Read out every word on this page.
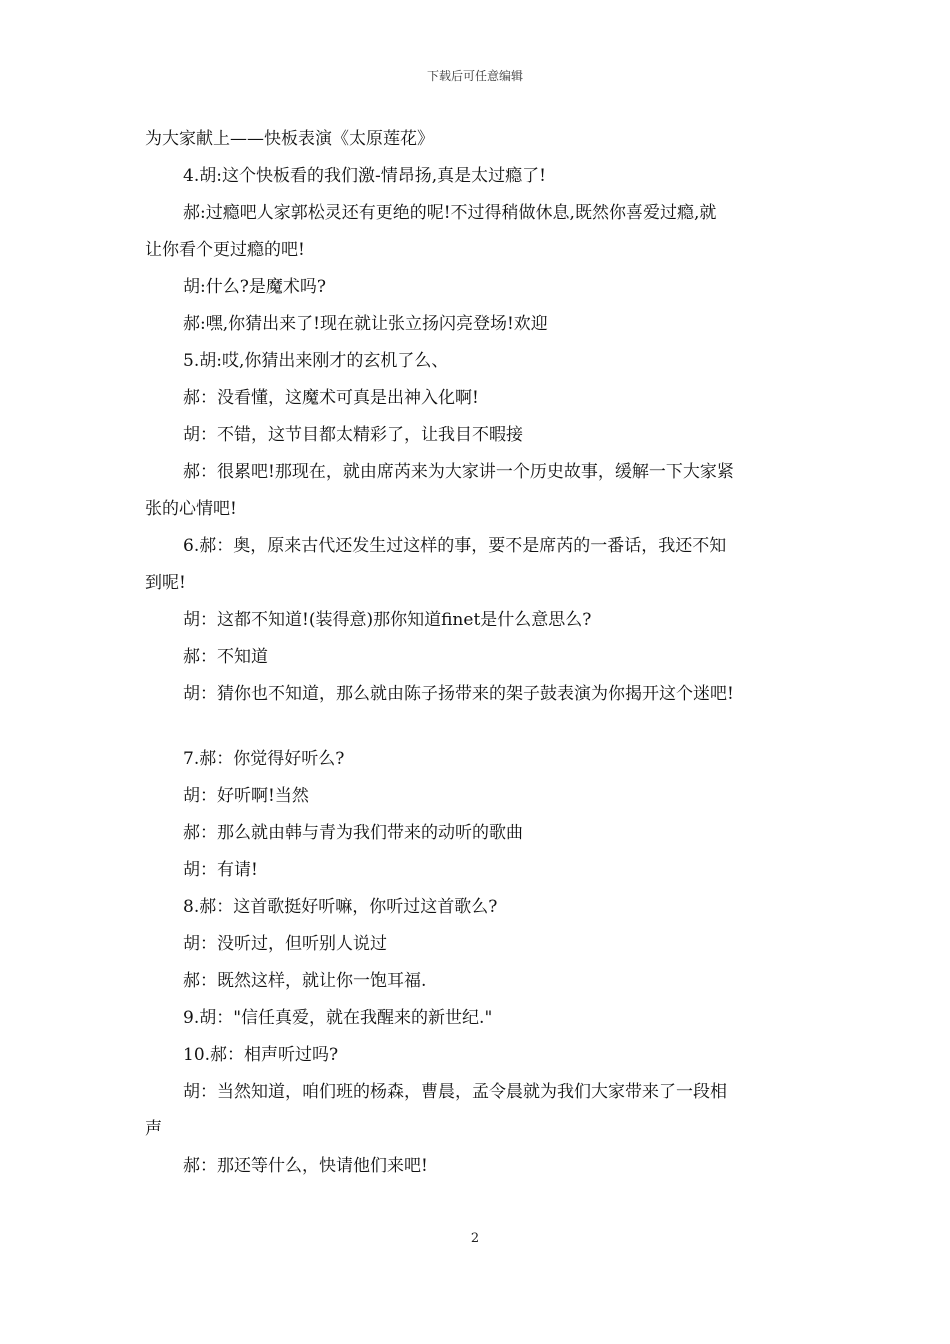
下载后可任意编辑

为大家献上——快板表演《太原莲花》

4.胡:这个快板看的我们激-情昂扬,真是太过瘾了!

郝:过瘾吧人家郭松灵还有更绝的呢!不过得稍做休息,既然你喜爱过瘾,就

让你看个更过瘾的吧!

胡:什么?是魔术吗?

郝:嘿,你猜出来了!现在就让张立扬闪亮登场!欢迎

5.胡:哎,你猜出来刚才的玄机了么、

郝：没看懂，这魔术可真是出神入化啊!

胡：不错，这节目都太精彩了，让我目不暇接

郝：很累吧!那现在，就由席芮来为大家讲一个历史故事，缓解一下大家紧

张的心情吧!

6.郝：奥，原来古代还发生过这样的事，要不是席芮的一番话，我还不知

到呢!

胡：这都不知道!(装得意)那你知道finet是什么意思么?

郝：不知道

胡：猜你也不知道，那么就由陈子扬带来的架子鼓表演为你揭开这个迷吧!

7.郝：你觉得好听么?

胡：好听啊!当然

郝：那么就由韩与青为我们带来的动听的歌曲

胡：有请!

8.郝：这首歌挺好听嘛，你听过这首歌么?

胡：没听过，但听别人说过

郝：既然这样，就让你一饱耳福.

9.胡："信任真爱，就在我醒来的新世纪."

10.郝：相声听过吗?

胡：当然知道，咱们班的杨森，曹晨，孟令晨就为我们大家带来了一段相

声

郝：那还等什么，快请他们来吧!

2
